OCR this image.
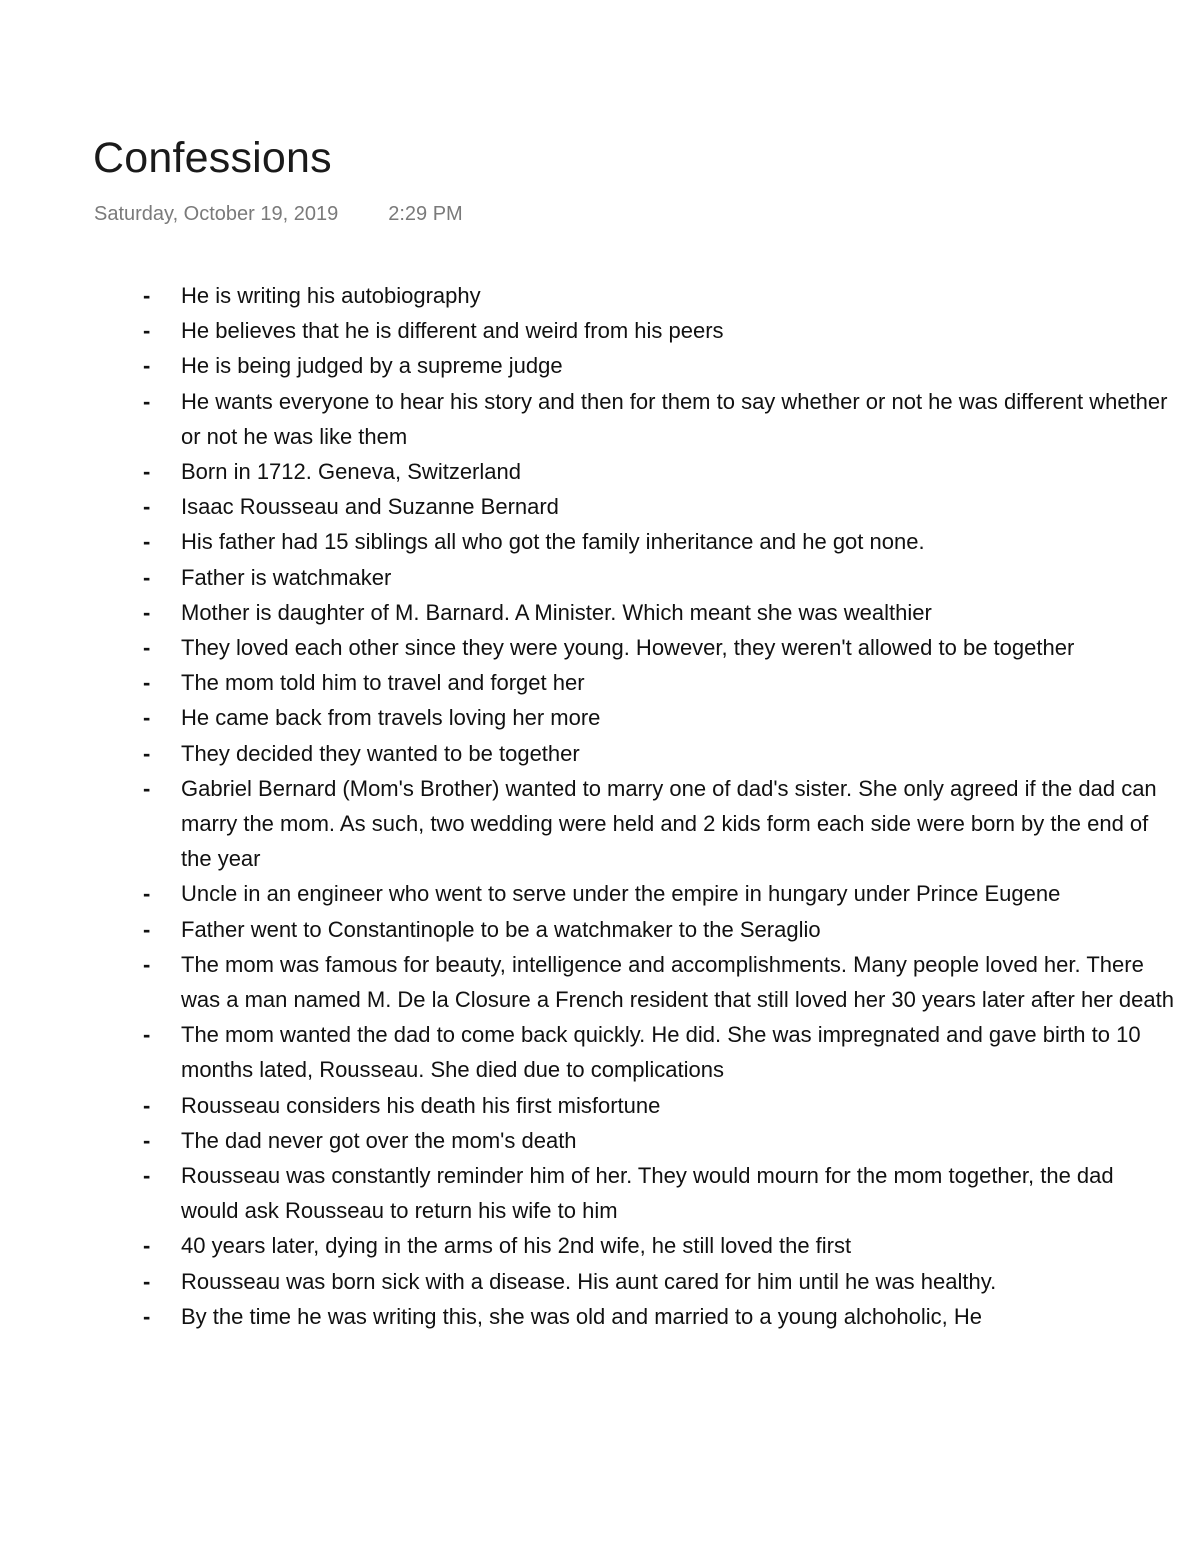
Confessions
Saturday, October 19, 2019	2:29 PM
- He is writing his autobiography
- He believes that he is different and weird from his peers
- He is being judged by a supreme judge
- He wants everyone to hear his story and then for them to say whether or not he was different whether or not he was like them
- Born in 1712. Geneva, Switzerland
- Isaac Rousseau and Suzanne Bernard
- His father had 15 siblings all who got the family inheritance and he got none.
- Father is watchmaker
- Mother is daughter of M. Barnard. A Minister. Which meant she was wealthier
- They loved each other since they were young. However, they weren't allowed to be together
- The mom told him to travel and forget her
- He came back from travels loving her more
- They decided they wanted to be together
- Gabriel Bernard (Mom's Brother) wanted to marry one of dad's sister. She only agreed if the dad can marry the mom. As such, two wedding were held and 2 kids form each side were born by the end of the year
- Uncle in an engineer who went to serve under the empire in hungary under Prince Eugene
- Father went to Constantinople to be a watchmaker to the Seraglio
- The mom was famous for beauty, intelligence and accomplishments. Many people loved her. There was a man named M. De la Closure a French resident that still loved her 30 years later after her death
- The mom wanted the dad to come back quickly. He did. She was impregnated and gave birth to 10 months lated, Rousseau. She died due to complications
- Rousseau considers his death his first misfortune
- The dad never got over the mom's death
- Rousseau was constantly reminder him of her. They would mourn for the mom together, the dad would ask Rousseau to return his wife to him
- 40 years later, dying in the arms of his 2nd wife, he still loved the first
- Rousseau was born sick with a disease. His aunt cared for him until he was healthy.
- By the time he was writing this, she was old and married to a young alchoholic, He
